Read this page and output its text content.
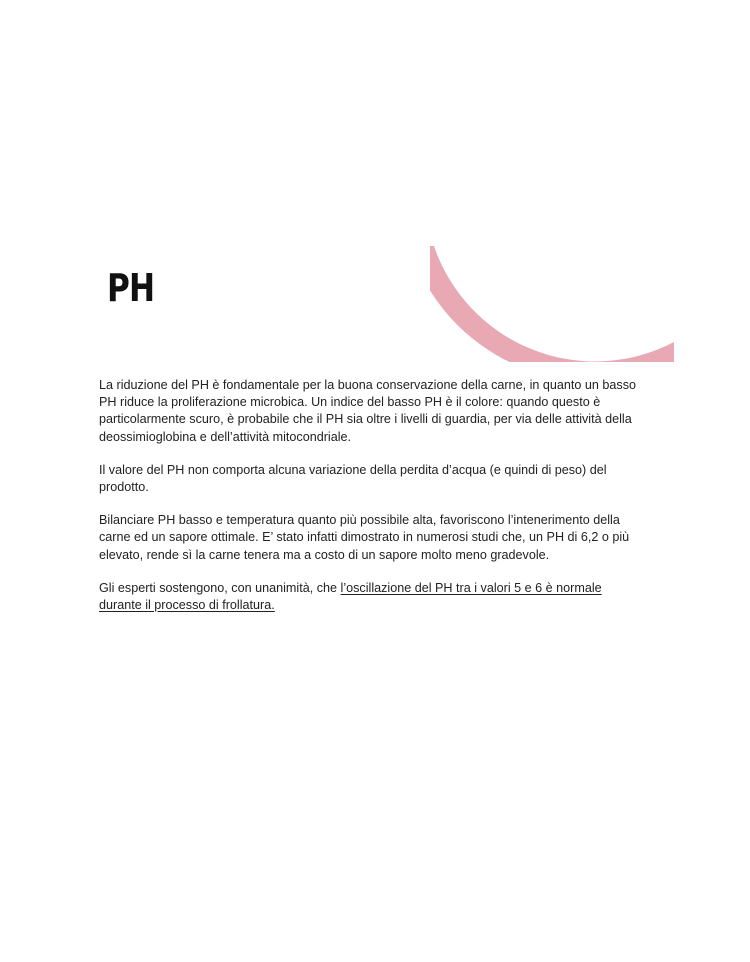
PH

La riduzione del PH è fondamentale per la buona conservazione della carne, in quanto un basso PH riduce la proliferazione microbica. Un indice del basso PH è il colore: quando questo è particolarmente scuro, è probabile che il PH sia oltre i livelli di guardia, per via delle attività della deossimioglobina e dell’attività mitocondriale.

Il valore del PH non comporta alcuna variazione della perdita d’acqua (e quindi di peso) del prodotto.

Bilanciare PH basso e temperatura quanto più possibile alta, favoriscono l’intenerimento della carne ed un sapore ottimale. E’ stato infatti dimostrato in numerosi studi che, un PH di 6,2 o più elevato, rende sì la carne tenera ma a costo di un sapore molto meno gradevole.

Gli esperti sostengono, con unanimità, che l’oscillazione del PH tra i valori 5 e 6 è normale durante il processo di frollatura.
